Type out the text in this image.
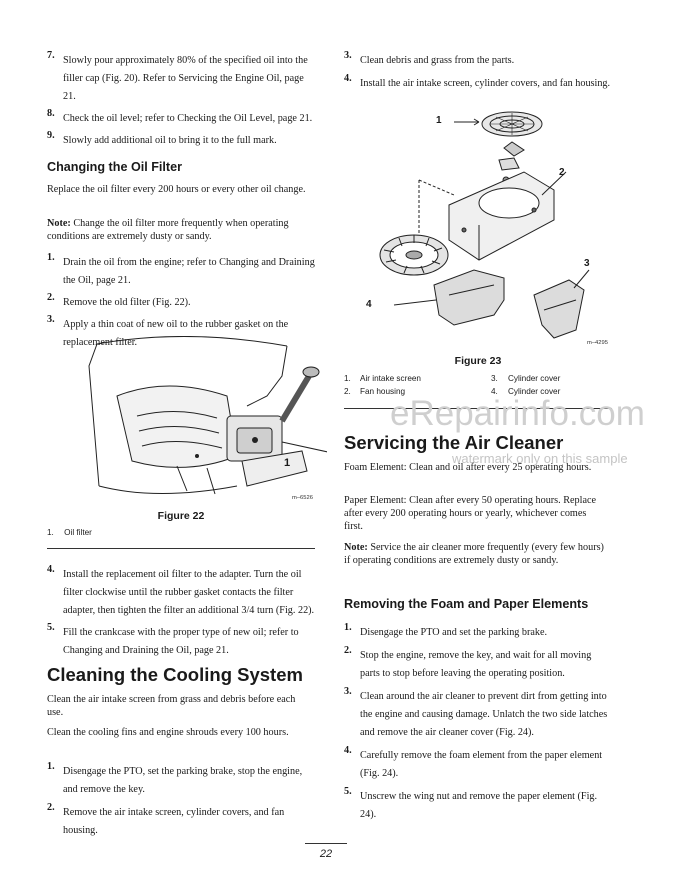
7. Slowly pour approximately 80% of the specified oil into the filler cap (Fig. 20). Refer to Servicing the Engine Oil, page 21.
8. Check the oil level; refer to Checking the Oil Level, page 21.
9. Slowly add additional oil to bring it to the full mark.
Changing the Oil Filter

Replace the oil filter every 200 hours or every other oil change.

Note: Change the oil filter more frequently when operating conditions are extremely dusty or sandy.

1. Drain the oil from the engine; refer to Changing and Draining the Oil, page 21.
2. Remove the old filter (Fig. 22).
3. Apply a thin coat of new oil to the rubber gasket on the replacement filter.
1
m–6526
Figure 22
1. Oil filter
4. Install the replacement oil filter to the adapter. Turn the oil filter clockwise until the rubber gasket contacts the filter adapter, then tighten the filter an additional 3/4 turn (Fig. 22).
5. Fill the crankcase with the proper type of new oil; refer to Changing and Draining the Oil, page 21.
Cleaning the Cooling System

Clean the air intake screen from grass and debris before each use.

Clean the cooling fins and engine shrouds every 100 hours.

1. Disengage the PTO, set the parking brake, stop the engine, and remove the key.
2. Remove the air intake screen, cylinder covers, and fan housing.
3. Clean debris and grass from the parts.
4. Install the air intake screen, cylinder covers, and fan housing.
1
2
3
4
m–4295
Figure 23
1. Air intake screen	3. Cylinder cover
2. Fan housing	4. Cylinder cover
eRepairinfo.com
watermark only on this sample
Servicing the Air Cleaner

Foam Element: Clean and oil after every 25 operating hours.

Paper Element: Clean after every 50 operating hours. Replace after every 200 operating hours or yearly, whichever comes first.

Note: Service the air cleaner more frequently (every few hours) if operating conditions are extremely dusty or sandy.

Removing the Foam and Paper Elements
1. Disengage the PTO and set the parking brake.
2. Stop the engine, remove the key, and wait for all moving parts to stop before leaving the operating position.
3. Clean around the air cleaner to prevent dirt from getting into the engine and causing damage. Unlatch the two side latches and remove the air cleaner cover (Fig. 24).
4. Carefully remove the foam element from the paper element (Fig. 24).
5. Unscrew the wing nut and remove the paper element (Fig. 24).
22
